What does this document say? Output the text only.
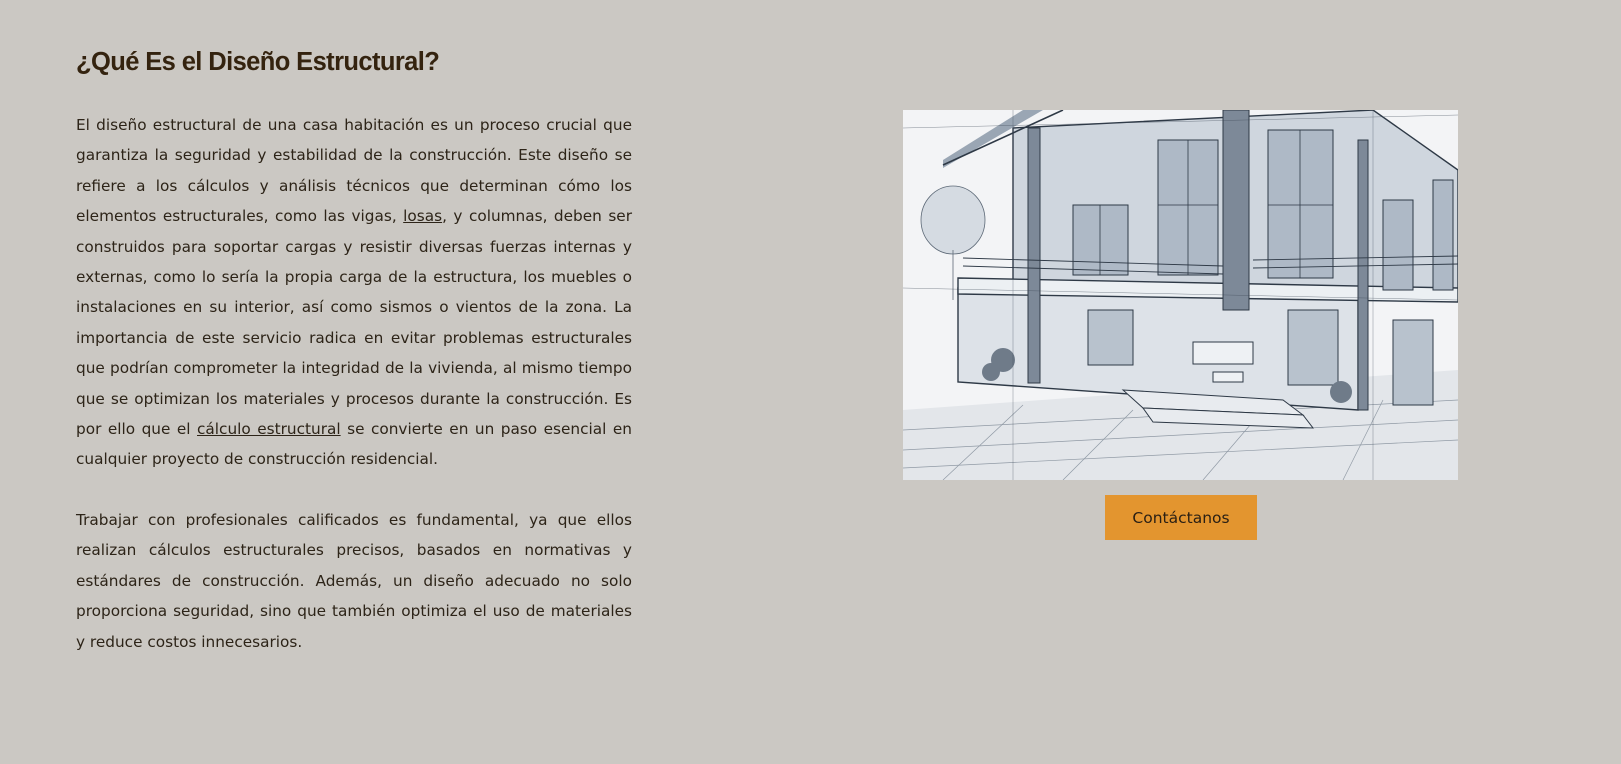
¿Qué Es el Diseño Estructural?

El diseño estructural de una casa habitación es un proceso crucial que garantiza la seguridad y estabilidad de la construcción. Este diseño se refiere a los cálculos y análisis técnicos que determinan cómo los elementos estructurales, como las vigas, losas, y columnas, deben ser construidos para soportar cargas y resistir diversas fuerzas internas y externas, como lo sería la propia carga de la estructura, los muebles o instalaciones en su interior, así como sismos o vientos de la zona. La importancia de este servicio radica en evitar problemas estructurales que podrían comprometer la integridad de la vivienda, al mismo tiempo que se optimizan los materiales y procesos durante la construcción. Es por ello que el cálculo estructural se convierte en un paso esencial en cualquier proyecto de construcción residencial.

Trabajar con profesionales calificados es fundamental, ya que ellos realizan cálculos estructurales precisos, basados en normativas y estándares de construcción. Además, un diseño adecuado no solo proporciona seguridad, sino que también optimiza el uso de materiales y reduce costos innecesarios.

Contáctanos
